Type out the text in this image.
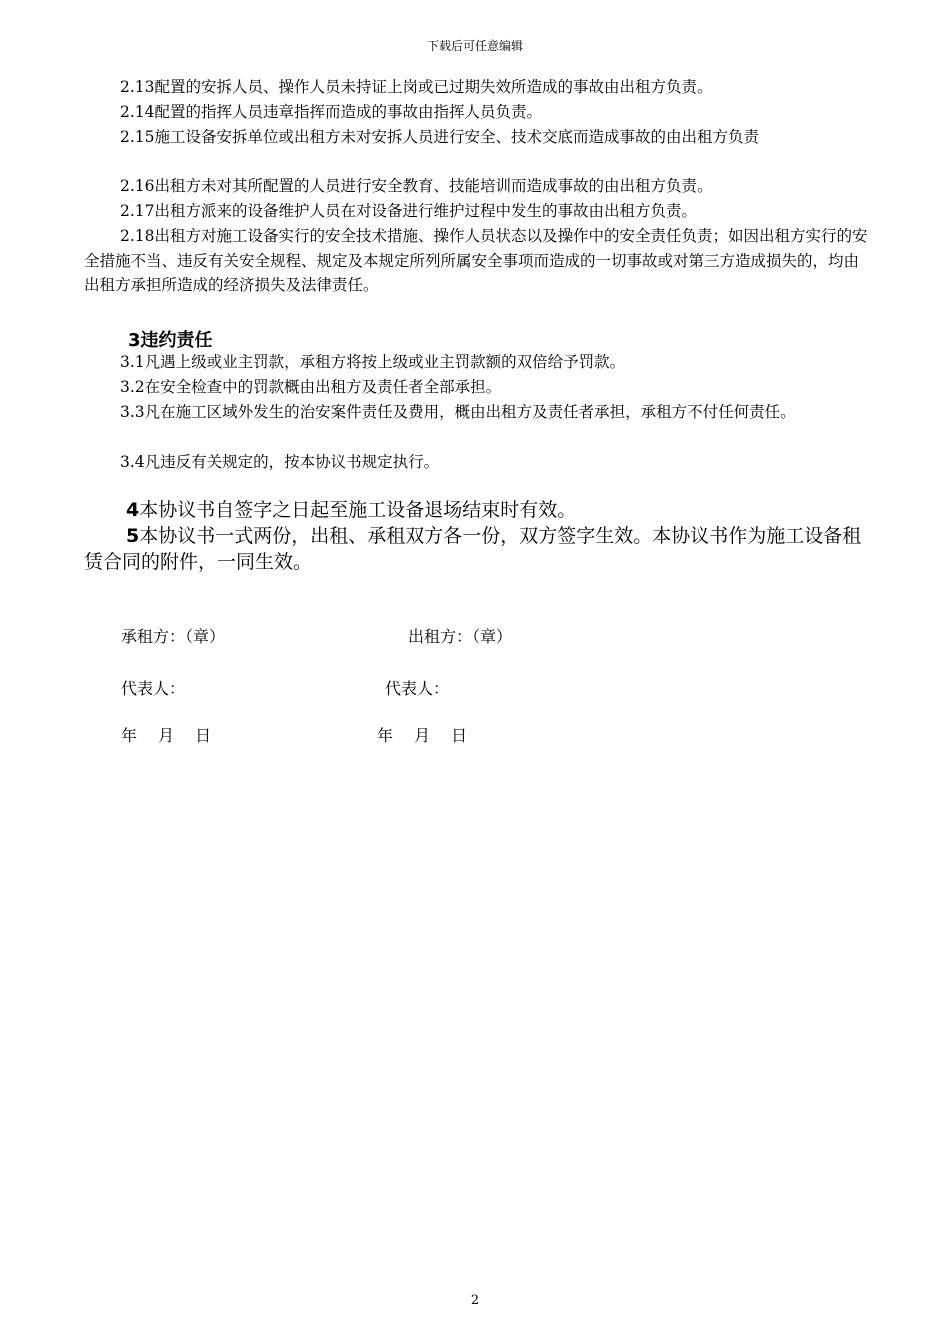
下载后可任意编辑

2.13配置的安拆人员、操作人员未持证上岗或已过期失效所造成的事故由出租方负责。

2.14配置的指挥人员违章指挥而造成的事故由指挥人员负责。

2.15施工设备安拆单位或出租方未对安拆人员进行安全、技术交底而造成事故的由出租方负责

2.16出租方未对其所配置的人员进行安全教育、技能培训而造成事故的由出租方负责。

2.17出租方派来的设备维护人员在对设备进行维护过程中发生的事故由出租方负责。

2.18出租方对施工设备实行的安全技术措施、操作人员状态以及操作中的安全责任负责；如因出租方实行的安全措施不当、违反有关安全规程、规定及本规定所列所属安全事项而造成的一切事故或对第三方造成损失的，均由出租方承担所造成的经济损失及法律责任。

3违约责任

3.1凡遇上级或业主罚款，承租方将按上级或业主罚款额的双倍给予罚款。

3.2在安全检查中的罚款概由出租方及责任者全部承担。

3.3凡在施工区域外发生的治安案件责任及费用，概由出租方及责任者承担，承租方不付任何责任。

3.4凡违反有关规定的，按本协议书规定执行。

4本协议书自签字之日起至施工设备退场结束时有效。

5本协议书一式两份，出租、承租双方各一份，双方签字生效。本协议书作为施工设备租赁合同的附件，一同生效。

承租方：（章）	出租方：（章）

代表人：	代表人：

年　 月　 日	年　 月　 日

2
